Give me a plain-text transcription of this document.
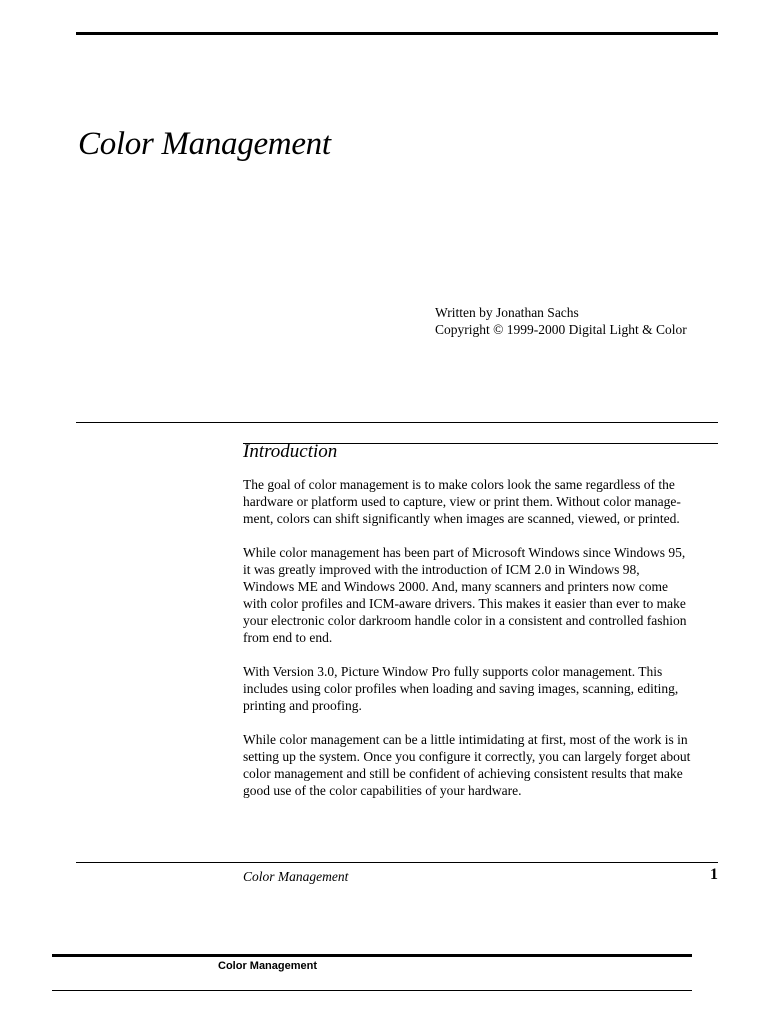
Color Management
Written by Jonathan Sachs
Copyright © 1999-2000 Digital Light & Color
Introduction

The goal of color management is to make colors look the same regardless of the
hardware or platform used to capture, view or print them. Without color manage-
ment, colors can shift significantly when images are scanned, viewed, or printed.

While color management has been part of Microsoft Windows since Windows 95,
it was greatly improved with the introduction of ICM 2.0 in Windows 98,
Windows ME and Windows 2000. And, many scanners and printers now come
with color profiles and ICM-aware drivers. This makes it easier than ever to make
your electronic color darkroom handle color in a consistent and controlled fashion
from end to end.

With Version 3.0, Picture Window Pro fully supports color management. This
includes using color profiles when loading and saving images, scanning, editing,
printing and proofing.

While color management can be a little intimidating at first, most of the work is in
setting up the system. Once you configure it correctly, you can largely forget about
color management and still be confident of achieving consistent results that make
good use of the color capabilities of your hardware.

Color Management	1
Color Management
